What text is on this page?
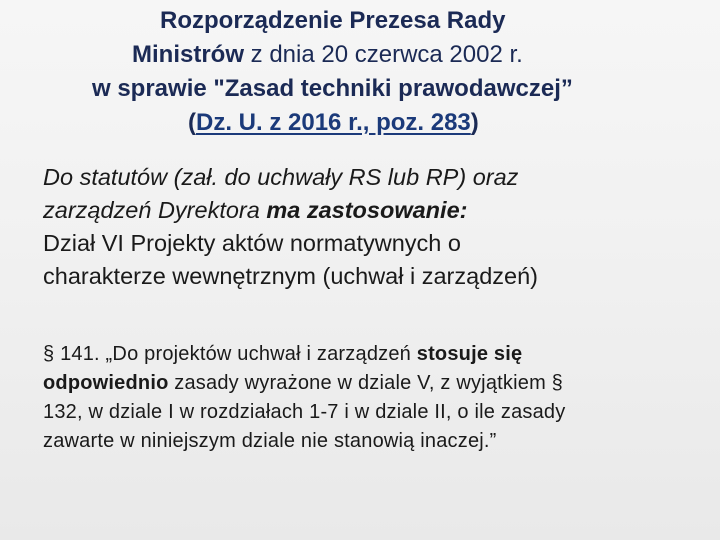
Rozporządzenie Prezesa Rady
Ministrów z dnia 20 czerwca 2002 r.
w sprawie "Zasad techniki prawodawczej”
(Dz. U. z 2016 r., poz. 283)
Do statutów (zał. do uchwały RS lub RP) oraz
zarządzeń Dyrektora ma zastosowanie:
Dział VI Projekty aktów normatywnych o
charakterze wewnętrznym (uchwał i zarządzeń)
§ 141. „Do projektów uchwał i zarządzeń stosuje się
odpowiednio zasady wyrażone w dziale V, z wyjątkiem §
132, w dziale I w rozdziałach 1-7 i w dziale II, o ile zasady
zawarte w niniejszym dziale nie stanowią inaczej.”
